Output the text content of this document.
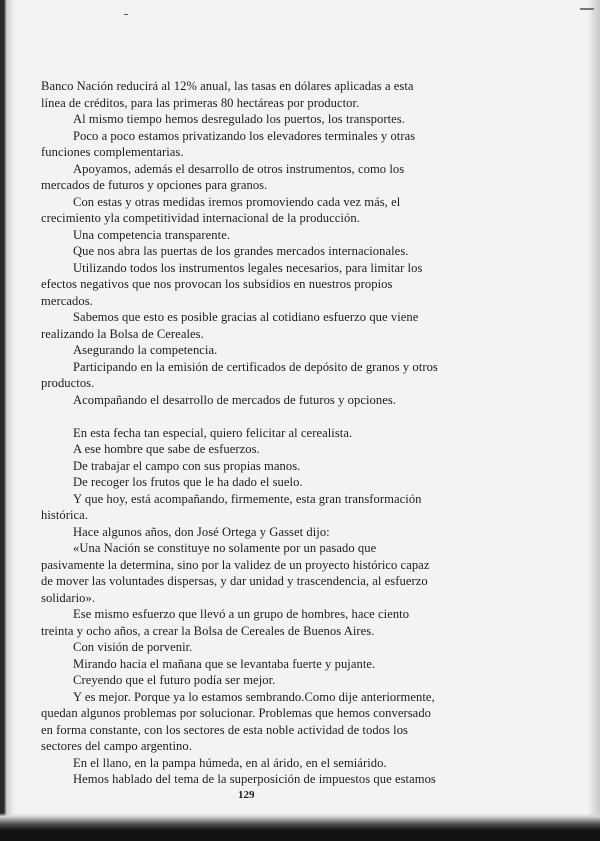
Banco Nación reducirá al 12% anual, las tasas en dólares aplicadas a esta línea de créditos, para las primeras 80 hectáreas por productor.

Al mismo tiempo hemos desregulado los puertos, los transportes.

Poco a poco estamos privatizando los elevadores terminales y otras funciones complementarias.

Apoyamos, además el desarrollo de otros instrumentos, como los mercados de futuros y opciones para granos.

Con estas y otras medidas iremos promoviendo cada vez más, el crecimiento yla competitividad internacional de la producción.

Una competencia transparente.

Que nos abra las puertas de los grandes mercados internacionales.

Utilizando todos los instrumentos legales necesarios, para limitar los efectos negativos que nos provocan los subsidios en nuestros propios mercados.

Sabemos que esto es posible gracias al cotidiano esfuerzo que viene realizando la Bolsa de Cereales.

Asegurando la competencia.

Participando en la emisión de certificados de depósito de granos y otros productos.

Acompañando el desarrollo de mercados de futuros y opciones.

En esta fecha tan especial, quiero felicitar al cerealista.

A ese hombre que sabe de esfuerzos.

De trabajar el campo con sus propias manos.

De recoger los frutos que le ha dado el suelo.

Y que hoy, está acompañando, firmemente, esta gran transformación histórica.

Hace algunos años, don José Ortega y Gasset dijo:

«Una Nación se constituye no solamente por un pasado que pasivamente la determina, sino por la validez de un proyecto histórico capaz de mover las voluntades dispersas, y dar unidad y trascendencia, al esfuerzo solidario».

Ese mismo esfuerzo que llevó a un grupo de hombres, hace ciento treinta y ocho años, a crear la Bolsa de Cereales de Buenos Aires.

Con visión de porvenir.

Mirando hacia el mañana que se levantaba fuerte y pujante.

Creyendo que el futuro podía ser mejor.

Y es mejor. Porque ya lo estamos sembrando.Como dije anteriormente, quedan algunos problemas por solucionar. Problemas que hemos conversado en forma constante, con los sectores de esta noble actividad de todos los sectores del campo argentino.

En el llano, en la pampa húmeda, en al árido, en el semiárido.

Hemos hablado del tema de la superposición de impuestos que estamos

129
